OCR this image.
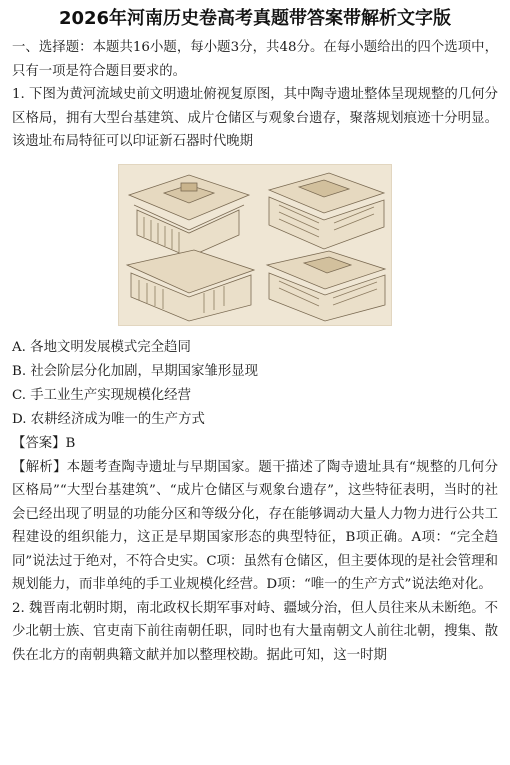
2026年河南历史卷高考真题带答案带解析文字版

一、选择题：本题共16小题，每小题3分，共48分。在每小题给出的四个选项中，只有一项是符合题目要求的。

1. 下图为黄河流域史前文明遗址俯视复原图，其中陶寺遗址整体呈现规整的几何分区格局，拥有大型台基建筑、成片仓储区与观象台遗存，聚落规划痕迹十分明显。该遗址布局特征可以印证新石器时代晚期

A. 各地文明发展模式完全趋同

B. 社会阶层分化加剧，早期国家雏形显现

C. 手工业生产实现规模化经营

D. 农耕经济成为唯一的生产方式

【答案】B

【解析】本题考查陶寺遗址与早期国家。题干描述了陶寺遗址具有“规整的几何分区格局”“大型台基建筑”、“成片仓储区与观象台遗存”，这些特征表明，当时的社会已经出现了明显的功能分区和等级分化，存在能够调动大量人力物力进行公共工程建设的组织能力，这正是早期国家形态的典型特征，B项正确。A项：“完全趋同”说法过于绝对，不符合史实。C项：虽然有仓储区，但主要体现的是社会管理和规划能力，而非单纯的手工业规模化经营。D项：“唯一的生产方式”说法绝对化。

2. 魏晋南北朝时期，南北政权长期军事对峙、疆域分治，但人员往来从未断绝。不少北朝士族、官吏南下前往南朝任职，同时也有大量南朝文人前往北朝，搜集、散佚在北方的南朝典籍文献并加以整理校勘。据此可知，这一时期
